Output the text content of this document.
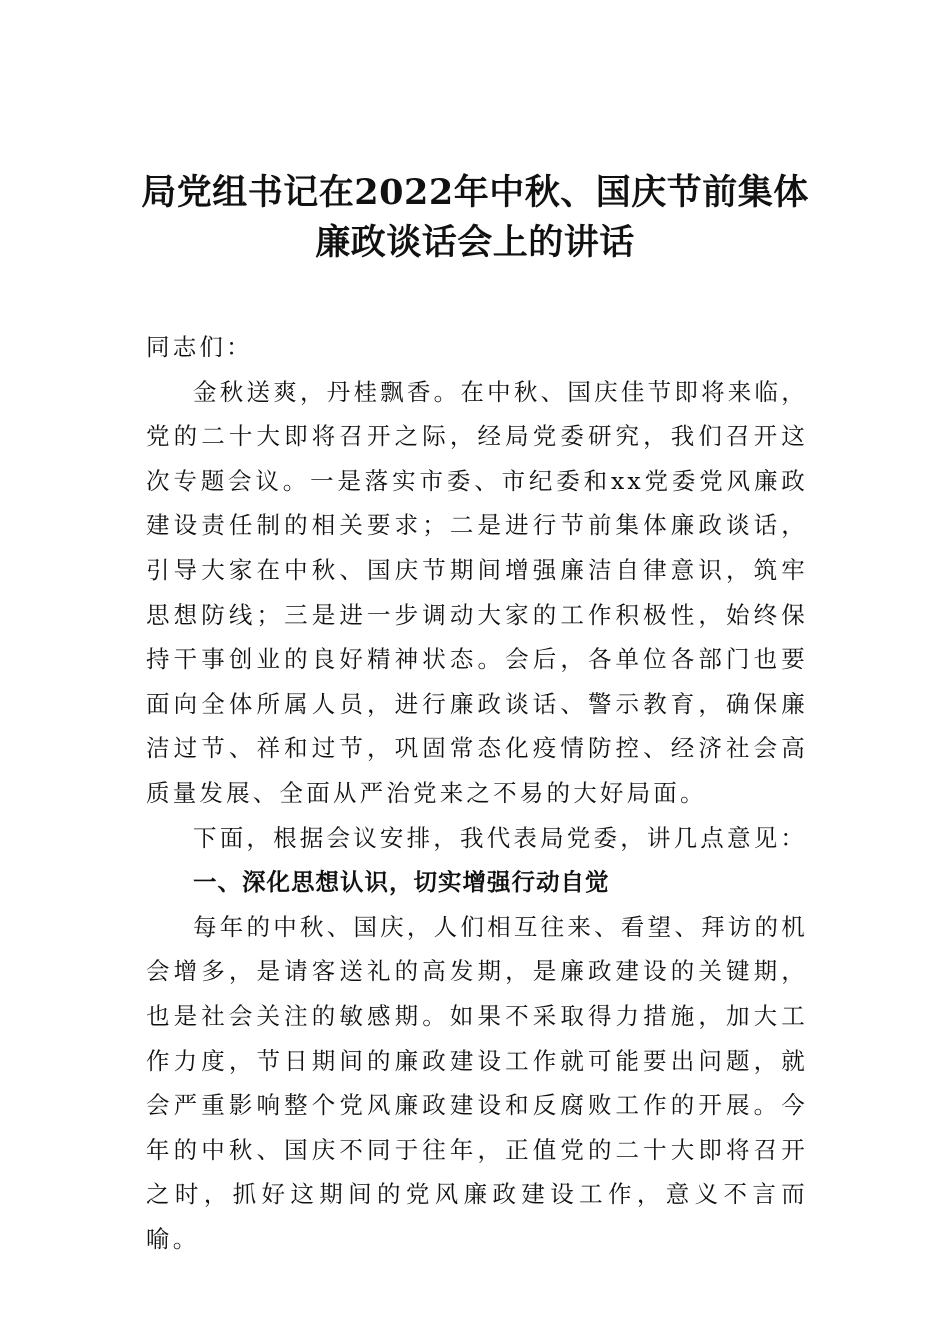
局党组书记在2022年中秋、国庆节前集体
廉政谈话会上的讲话

同志们：

金秋送爽，丹桂飘香。在中秋、国庆佳节即将来临，党的二十大即将召开之际，经局党委研究，我们召开这次专题会议。一是落实市委、市纪委和xx党委党风廉政建设责任制的相关要求；二是进行节前集体廉政谈话，引导大家在中秋、国庆节期间增强廉洁自律意识，筑牢思想防线；三是进一步调动大家的工作积极性，始终保持干事创业的良好精神状态。会后，各单位各部门也要面向全体所属人员，进行廉政谈话、警示教育，确保廉洁过节、祥和过节，巩固常态化疫情防控、经济社会高质量发展、全面从严治党来之不易的大好局面。

下面，根据会议安排，我代表局党委，讲几点意见：

一、深化思想认识，切实增强行动自觉

每年的中秋、国庆，人们相互往来、看望、拜访的机会增多，是请客送礼的高发期，是廉政建设的关键期，也是社会关注的敏感期。如果不采取得力措施，加大工作力度，节日期间的廉政建设工作就可能要出问题，就会严重影响整个党风廉政建设和反腐败工作的开展。今年的中秋、国庆不同于往年，正值党的二十大即将召开之时，抓好这期间的党风廉政建设工作，意义不言而喻。
